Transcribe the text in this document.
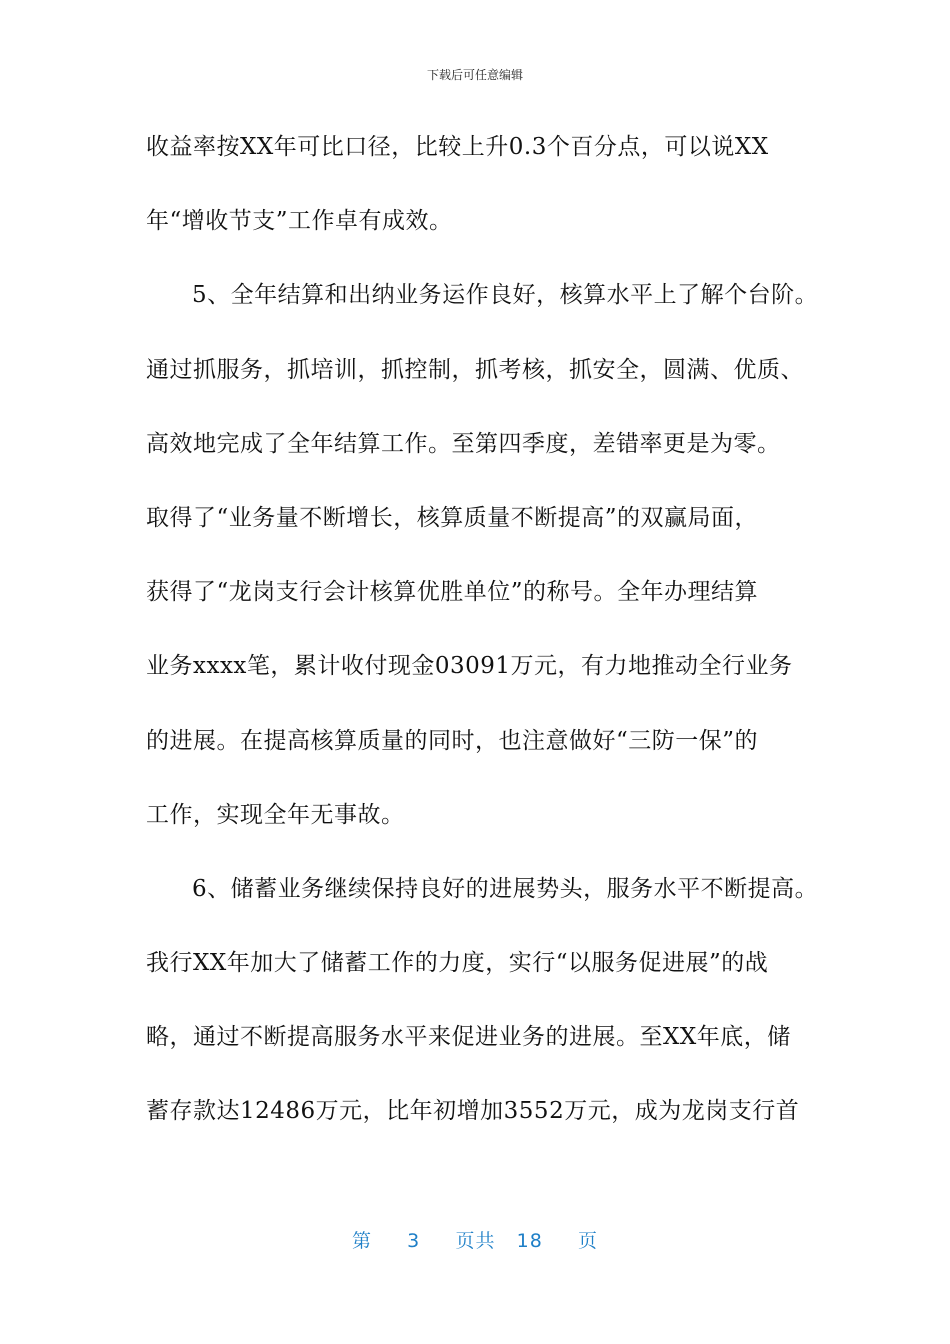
下载后可任意编辑
收益率按XX年可比口径，比较上升0.3个百分点，可以说XX
年“增收节支”工作卓有成效。
5、全年结算和出纳业务运作良好，核算水平上了解个台阶。
通过抓服务，抓培训，抓控制，抓考核，抓安全，圆满、优质、
高效地完成了全年结算工作。至第四季度，差错率更是为零。
取得了“业务量不断增长，核算质量不断提高”的双赢局面，
获得了“龙岗支行会计核算优胜单位”的称号。全年办理结算
业务xxxx笔，累计收付现金03091万元，有力地推动全行业务
的进展。在提高核算质量的同时，也注意做好“三防一保”的
工作，实现全年无事故。
6、储蓄业务继续保持良好的进展势头，服务水平不断提高。
我行XX年加大了储蓄工作的力度，实行“以服务促进展”的战
略，通过不断提高服务水平来促进业务的进展。至XX年底，储
蓄存款达12486万元，比年初增加3552万元，成为龙岗支行首
第 3 页共 18 页
